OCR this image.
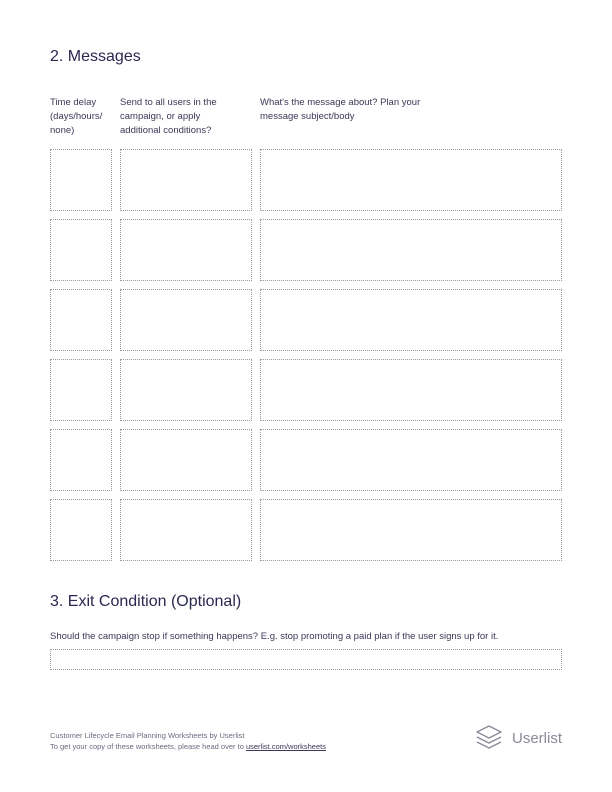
2. Messages
Time delay (days/hours/ none)
Send to all users in the campaign, or apply additional conditions?
What's the message about? Plan your message subject/body
3. Exit Condition (Optional)
Should the campaign stop if something happens? E.g. stop promoting a paid plan if the user signs up for it.
Customer Lifecycle Email Planning Worksheets by Userlist
To get your copy of these worksheets, please head over to userlist.com/worksheets	Userlist
